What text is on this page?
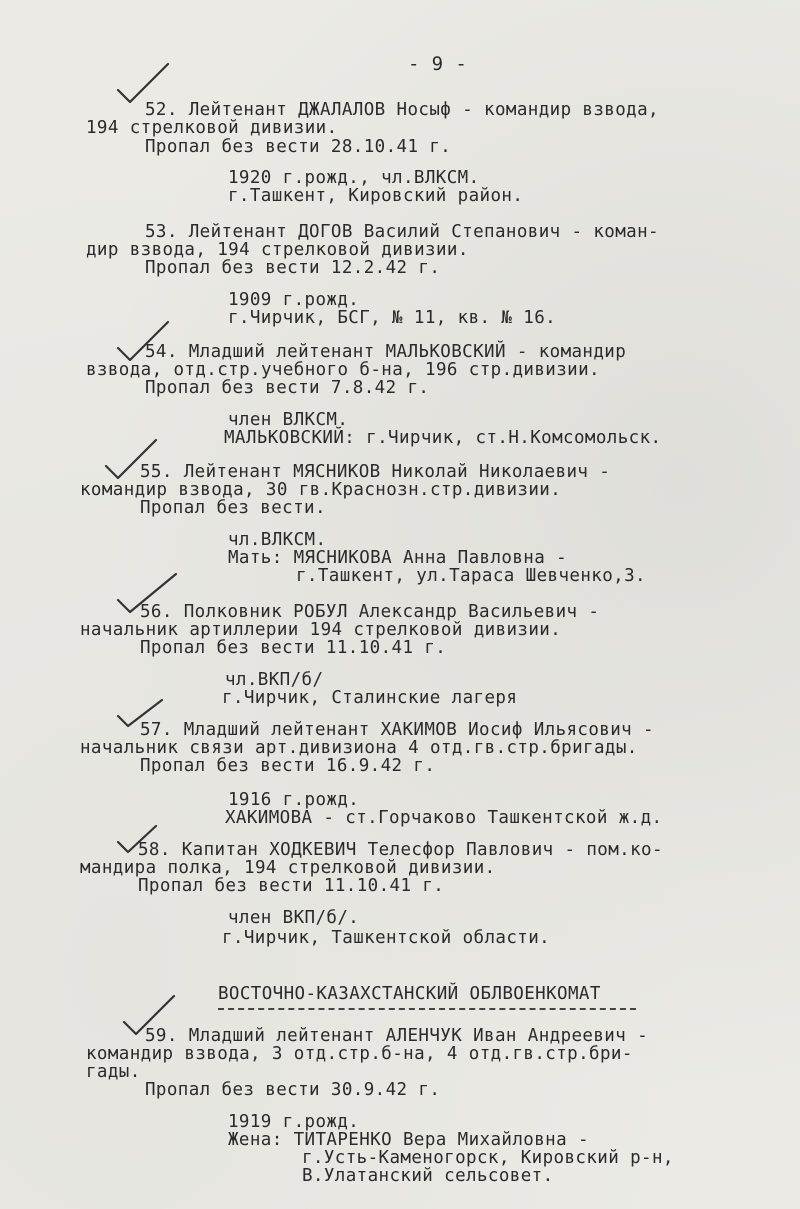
- 9 -
52. Лейтенант ДЖАЛАЛОВ Носыф - командир взвода,
194 стрелковой дивизии.
Пропал без вести 28.10.41 г.
1920 г.рожд., чл.ВЛКСМ.
г.Ташкент, Кировский район.
53. Лейтенант ДОГОВ Василий Степанович - коман-
дир взвода, 194 стрелковой дивизии.
Пропал без вести 12.2.42 г.
1909 г.рожд.
г.Чирчик, БСГ, № 11, кв. № 16.
54. Младший лейтенант МАЛЬКОВСКИЙ - командир
взвода, отд.стр.учебного б-на, 196 стр.дивизии.
Пропал без вести 7.8.42 г.
член ВЛКСМ.
МАЛЬКОВСКИЙ: г.Чирчик, ст.Н.Комсомольск.
55. Лейтенант МЯСНИКОВ Николай Николаевич -
командир взвода, 30 гв.Краснозн.стр.дивизии.
Пропал без вести.
чл.ВЛКСМ.
Мать: МЯСНИКОВА Анна Павловна -
г.Ташкент, ул.Тараса Шевченко,3.
56. Полковник РОБУЛ Александр Васильевич -
начальник артиллерии 194 стрелковой дивизии.
Пропал без вести 11.10.41 г.
чл.ВКП/б/
г.Чирчик, Сталинские лагеря
57. Младший лейтенант ХАКИМОВ Иосиф Ильясович -
начальник связи арт.дивизиона 4 отд.гв.стр.бригады.
Пропал без вести 16.9.42 г.
1916 г.рожд.
ХАКИМОВА - ст.Горчаково Ташкентской ж.д.
58. Капитан ХОДКЕВИЧ Телесфор Павлович - пом.ко-
мандира полка, 194 стрелковой дивизии.
Пропал без вести 11.10.41 г.
член ВКП/б/.
г.Чирчик, Ташкентской области.
ВОСТОЧНО-КАЗАХСТАНСКИЙ ОБЛВОЕНКОМАТ
59. Младший лейтенант АЛЕНЧУК Иван Андреевич -
командир взвода, 3 отд.стр.б-на, 4 отд.гв.стр.бри-
гады.
Пропал без вести 30.9.42 г.
1919 г.рожд.
Жена: ТИТАРЕНКО Вера Михайловна -
г.Усть-Каменогорск, Кировский р-н,
В.Улатанский сельсовет.
